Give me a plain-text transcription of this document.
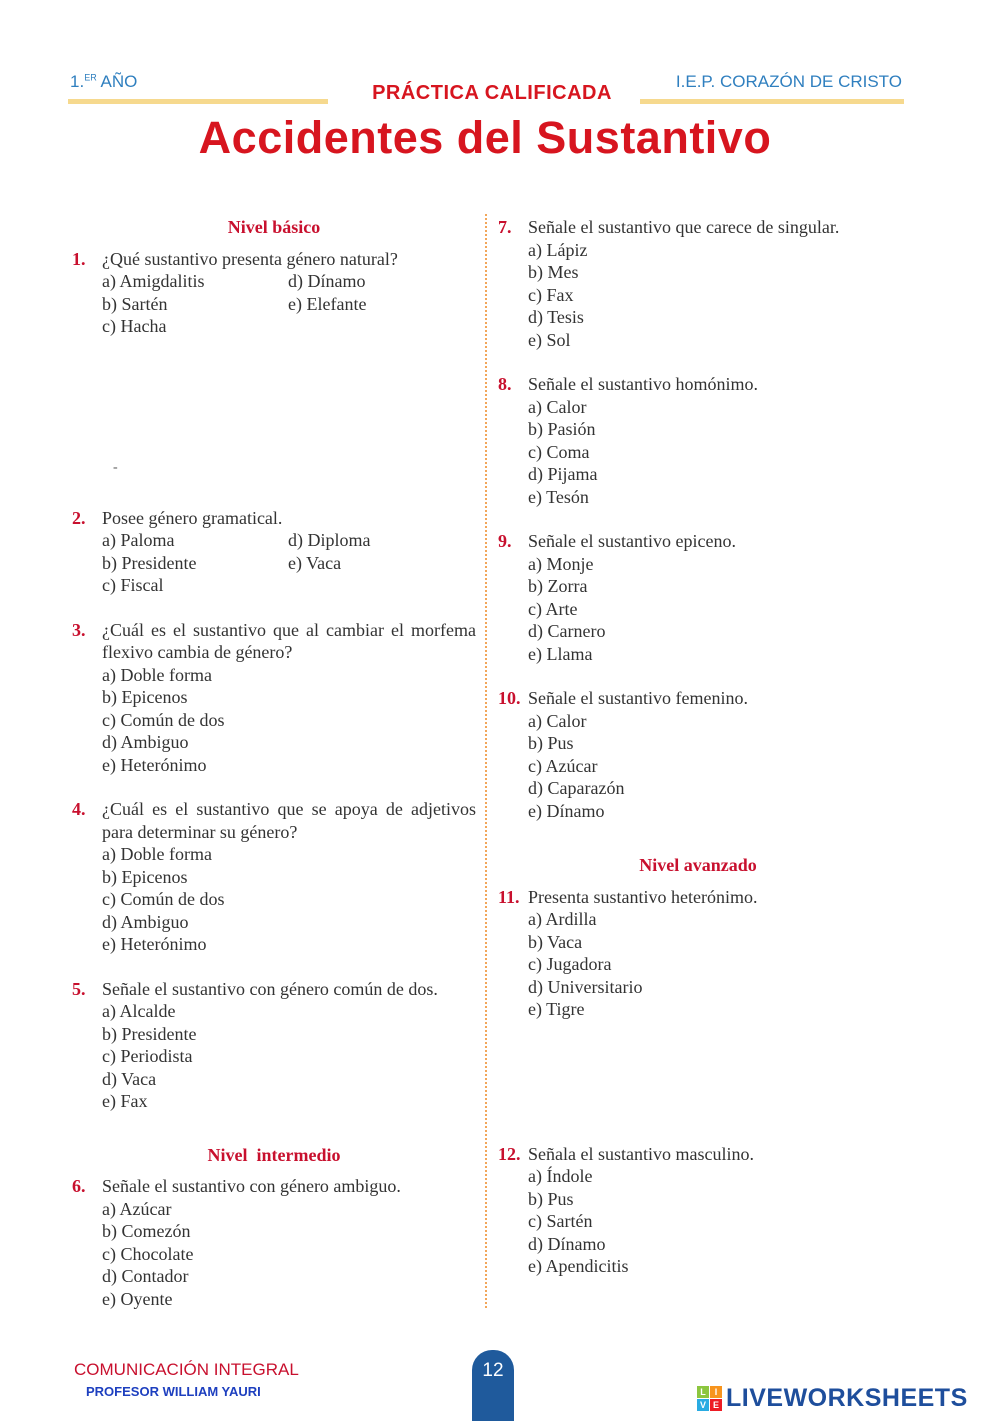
1.$^{ER}$ AÑO
PRÁCTICA CALIFICADA
I.E.P. CORAZÓN DE CRISTO
Accidentes del Sustantivo
-
Nivel básico
1. ¿Qué sustantivo presenta género natural?
a) Amigdalitis	d) Dínamo
b) Sartén	e) Elefante
c) Hacha
2. Posee género gramatical.
a) Paloma	d) Diploma
b) Presidente	e) Vaca
c) Fiscal
3. ¿Cuál es el sustantivo que al cambiar el morfema flexivo cambia de género?
a) Doble forma
b) Epicenos
c) Común de dos
d) Ambiguo
e) Heterónimo
4. ¿Cuál es el sustantivo que se apoya de adjetivos para determinar su género?
a) Doble forma
b) Epicenos
c) Común de dos
d) Ambiguo
e) Heterónimo
5. Señale el sustantivo con género común de dos.
a) Alcalde
b) Presidente
c) Periodista
d) Vaca
e) Fax
Nivel  intermedio
6. Señale el sustantivo con género ambiguo.
a) Azúcar
b) Comezón
c) Chocolate
d) Contador
e) Oyente
7. Señale el sustantivo que carece de singular.
a) Lápiz
b) Mes
c) Fax
d) Tesis
e) Sol
8. Señale el sustantivo homónimo.
a) Calor
b) Pasión
c) Coma
d) Pijama
e) Tesón
9. Señale el sustantivo epiceno.
a) Monje
b) Zorra
c) Arte
d) Carnero
e) Llama
10. Señale el sustantivo femenino.
a) Calor
b) Pus
c) Azúcar
d) Caparazón
e) Dínamo
Nivel avanzado
11. Presenta sustantivo heterónimo.
a) Ardilla
b) Vaca
c) Jugadora
d) Universitario
e) Tigre
12. Señala el sustantivo masculino.
a) Índole
b) Pus
c) Sartén
d) Dínamo
e) Apendicitis
COMUNICACIÓN INTEGRAL
PROFESOR WILLIAM YAURI
12
L I
V E LIVEWORKSHEETS
